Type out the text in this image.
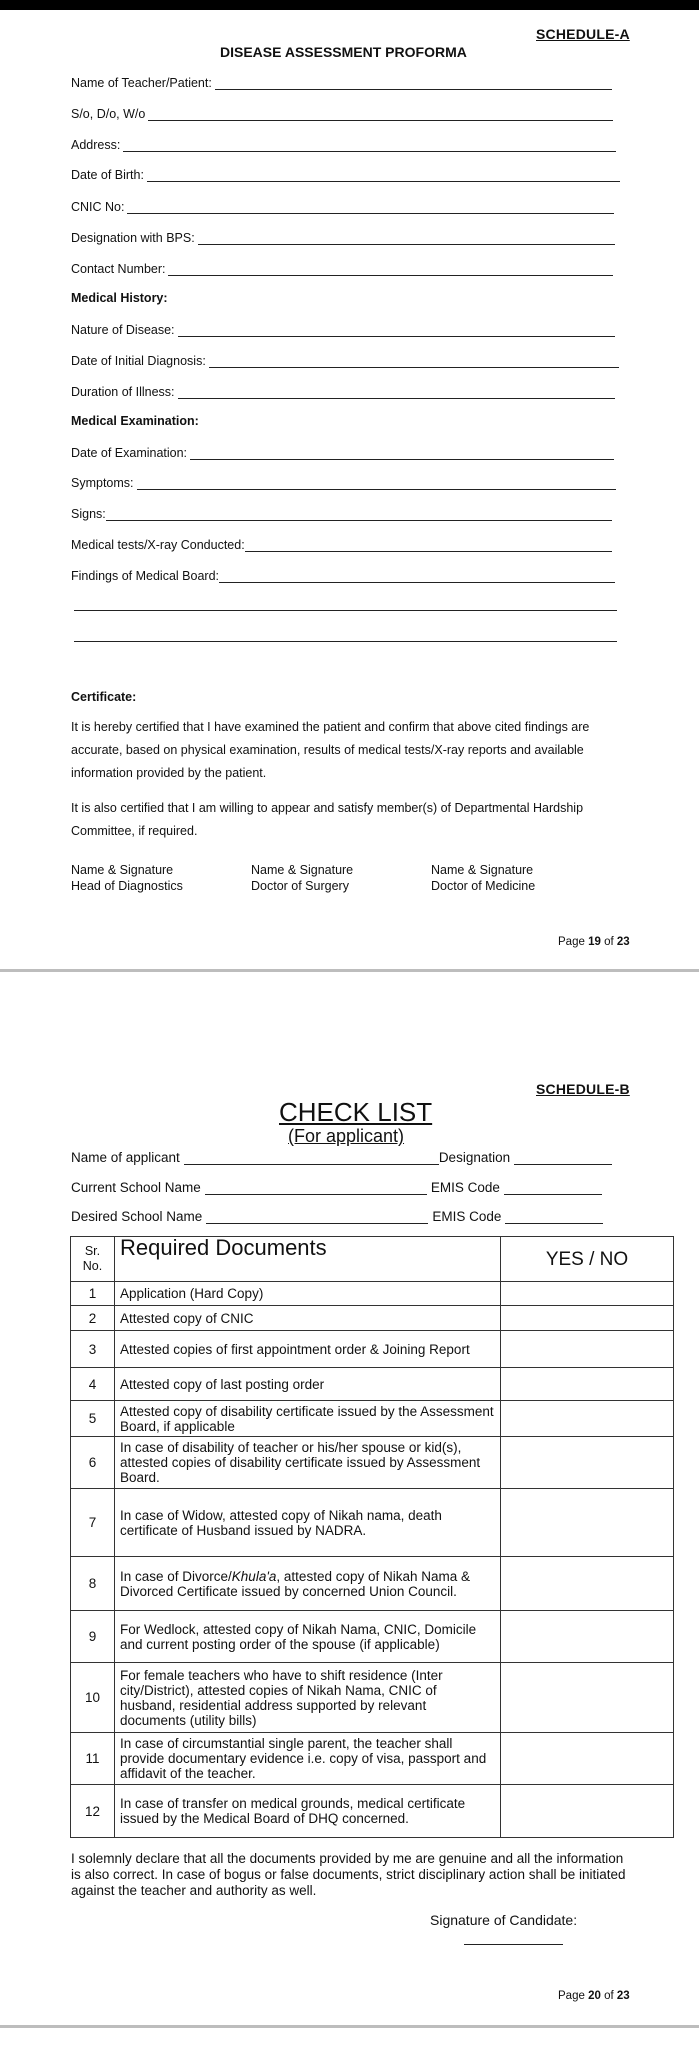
SCHEDULE-A
DISEASE ASSESSMENT PROFORMA
Name of Teacher/Patient:
S/o, D/o, W/o
Address:
Date of Birth:
CNIC No:
Designation with BPS:
Contact Number:
Medical History:
Nature of Disease:
Date of Initial Diagnosis:
Duration of Illness:
Medical Examination:
Date of Examination:
Symptoms:
Signs:
Medical tests/X-ray Conducted:
Findings of Medical Board:
Certificate:
It is hereby certified that I have examined the patient and confirm that above cited findings are accurate, based on physical examination, results of medical tests/X-ray reports and available information provided by the patient.
It is also certified that I am willing to appear and satisfy member(s) of Departmental Hardship Committee, if required.
Name & Signature
Head of Diagnostics
Name & Signature
Doctor of Surgery
Name & Signature
Doctor of Medicine
Page 19 of 23
SCHEDULE-B
CHECK LIST
(For applicant)
Name of applicant	Designation
Current School Name	EMIS Code
Desired School Name	EMIS Code
Sr. No.	Required Documents	YES / NO
1	Application (Hard Copy)	
2	Attested copy of CNIC	
3	Attested copies of first appointment order & Joining Report	
4	Attested copy of last posting order	
5	Attested copy of disability certificate issued by the Assessment Board, if applicable	
6	In case of disability of teacher or his/her spouse or kid(s), attested copies of disability certificate issued by Assessment Board.	
7	In case of Widow, attested copy of Nikah nama, death certificate of Husband issued by NADRA.	
8	In case of Divorce/Khula'a, attested copy of Nikah Nama & Divorced Certificate issued by concerned Union Council.	
9	For Wedlock, attested copy of Nikah Nama, CNIC, Domicile and current posting order of the spouse (if applicable)	
10	For female teachers who have to shift residence (Inter city/District), attested copies of Nikah Nama, CNIC of husband, residential address supported by relevant documents (utility bills)	
11	In case of circumstantial single parent, the teacher shall provide documentary evidence i.e. copy of visa, passport and affidavit of the teacher.	
12	In case of transfer on medical grounds, medical certificate issued by the Medical Board of DHQ concerned.	
I solemnly declare that all the documents provided by me are genuine and all the information is also correct. In case of bogus or false documents, strict disciplinary action shall be initiated against the teacher and authority as well.
Signature of Candidate:
Page 20 of 23
